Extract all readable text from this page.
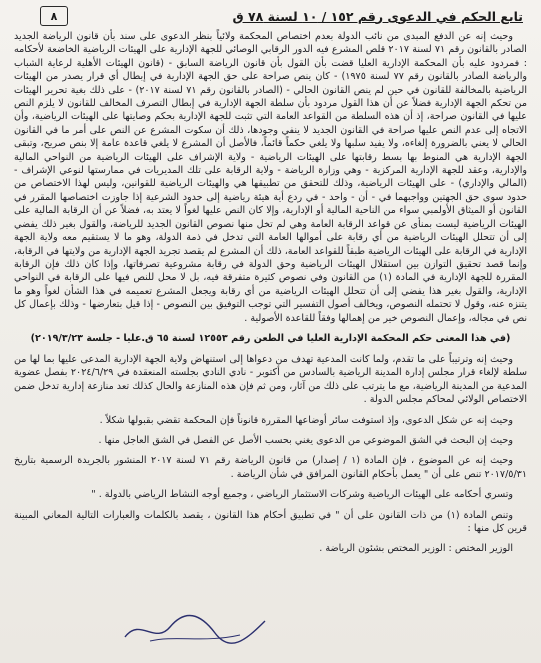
تابع الحكم في الدعوى رقم ١٥٢ / ١٠ لسنة ٧٨ ق
٨

وحيث إنه عن الدفع المبدى من نائب الدولة بعدم اختصاص المحكمة ولائياً بنظر الدعوى على سند بأن قانون الرياضة الجديد الصادر بالقانون رقم ٧١ لسنة ٢٠١٧ قلص المشرع فيه الدور الرقابي الوصائي للجهة الإدارية على الهيئات الرياضية الخاضعة لأحكامه : فمردود عليه بأن المحكمة الإدارية العليا قضت بأن القول بأن قانون الرياضة السابق - (قانون الهيئات الأهلية لرعاية الشباب والرياضة الصادر بالقانون رقم ٧٧ لسنة ١٩٧٥) - كان ينص صراحة على حق الجهة الإدارية في إبطال أي قرار يصدر من الهيئات الرياضية بالمخالفة للقانون في حين لم ينص القانون الحالي - (الصادر بالقانون رقم ٧١ لسنة ٢٠١٧) - على ذلك بغية تحرير الهيئات من تحكم الجهة الإدارية فضلاً عن أن هذا القول مردود بأن سلطة الجهة الإدارية في إبطال التصرف المخالف للقانون لا يلزم النص عليها في القانون صراحة، إذ أن هذه السلطة من القواعد العامة التي تثبت للجهة الإدارية بحكم وصايتها على الهيئات الرياضية، وأن الاتجاه إلى عدم النص عليها صراحة في القانون الجديد لا ينفي وجودها، ذلك أن سكوت المشرع عن النص على أمر ما في القانون الحالي لا يعني بالضرورة إلغاءه، ولا يفيد سلبها ولا يلغي حكماً قائماً، فالأصل أن المشرع لا يلغي قاعدة عامة إلا بنص صريح، وتبقى الجهة الإدارية هي المنوط بها بسط رقابتها على الهيئات الرياضية - ولاية الإشراف على الهيئات الرياضية من النواحي المالية والإدارية، وعقد للجهة الإدارية المركزية - وهي وزارة الرياضة - ولاية الرقابة على تلك المديريات في ممارستها لنوعي الإشراف - (المالي والإداري) - على الهيئات الرياضية، وذلك للتحقق من تطبيقها هي والهيئات الرياضية للقوانين، وليس لهذا الاختصاص من حدود سوى حق الجهتين وواجبهما في - أن - واحد - في ردع أية هيئة رياضية إلى حدود الشرعية إذا جاوزت اختصاصها المقرر في القانون أو الميثاق الأولمبي سواء من الناحية المالية أو الإدارية، وإلا كان النص عليها لغواً لا يعتد به، فضلاً عن أن الرقابة المالية على الهيئات الرياضية ليست بمنأى عن قواعد الرقابة العامة وهي لم تخل منها نصوص القانون الجديد للرياضة، والقول بغير ذلك يفضي إلى أن تتحلل الهيئات الرياضية من أي رقابة على أموالها العامة التي تدخل في ذمة الدولة، وهو ما لا يستقيم معه ولاية الجهة الإدارية في الرقابة على الهيئات الرياضية طبقاً للقواعد العامة، ذلك أن المشرع لم يقصد تجريد الجهة الإدارية من ولايتها في الرقابة، وإنما قصد تحقيق التوازن بين استقلال الهيئات الرياضية وحق الدولة في رقابة مشروعية تصرفاتها، وإذا كان ذلك فإن الرقابة المقررة للجهة الإدارية في المادة (١) من القانون وفي نصوص كثيرة متفرقة فيه، بل لا محل للنص فيها على الرقابة في النواحي الإدارية، والقول بغير هذا يفضي إلى أن تتحلل الهيئات الرياضية من أي رقابة ويجعل المشرع تعميمه في هذا الشأن لغواً وهو ما يتنزه عنه، وقول لا تحتمله النصوص، ويخالف أصول التفسير التي توجب التوفيق بين النصوص - إذا قيل بتعارضها - وذلك بإعمال كل نص في مجاله، وإعمال النصوص خير من إهمالها وفقاً للقاعدة الأصولية .

(في هذا المعنى حكم المحكمة الإدارية العليا في الطعن رقم ١٢٥٥٣ لسنة ٦٥ ق.عليا - جلسة ٢٠١٩/٣/٢٣)

وحيث إنه وترتيباً على ما تقدم، ولما كانت المدعية تهدف من دعواها إلى استنهاض ولاية الجهة الإدارية المدعى عليها بما لها من سلطة لإلغاء قرار مجلس إدارة المدينة الرياضية بالسادس من أكتوبر - نادي النادي بجلسته المنعقدة في ٢٠٢٤/٦/٢٩ بفصل عضوية المدعية من المدينة الرياضية، مع ما يترتب على ذلك من آثار، ومن ثم فإن هذه المنازعة والحال كذلك تعد منازعة إدارية تدخل ضمن الاختصاص الولائي لمحاكم مجلس الدولة .

وحيث إنه عن شكل الدعوى، وإذ استوفت سائر أوضاعها المقررة قانوناً فإن المحكمة تقضي بقبولها شكلاً .

وحيث إن البحث في الشق الموضوعي من الدعوى يغني بحسب الأصل عن الفصل في الشق العاجل منها .

وحيث إنه عن الموضوع ، فإن المادة (١ / إصدار) من قانون الرياضة رقم ٧١ لسنة ٢٠١٧ المنشور بالجريدة الرسمية بتاريخ ٢٠١٧/٥/٣١ تنص على أن " يعمل بأحكام القانون المرافق في شأن الرياضة .

وتسري أحكامه على الهيئات الرياضية وشركات الاستثمار الرياضي ، وجميع أوجه النشاط الرياضي بالدولة . "

وتنص المادة (١) من ذات القانون على أن " في تطبيق أحكام هذا القانون ، يقصد بالكلمات والعبارات التالية المعاني المبينة قرين كل منها :

الوزير المختص : الوزير المختص بشئون الرياضة .
